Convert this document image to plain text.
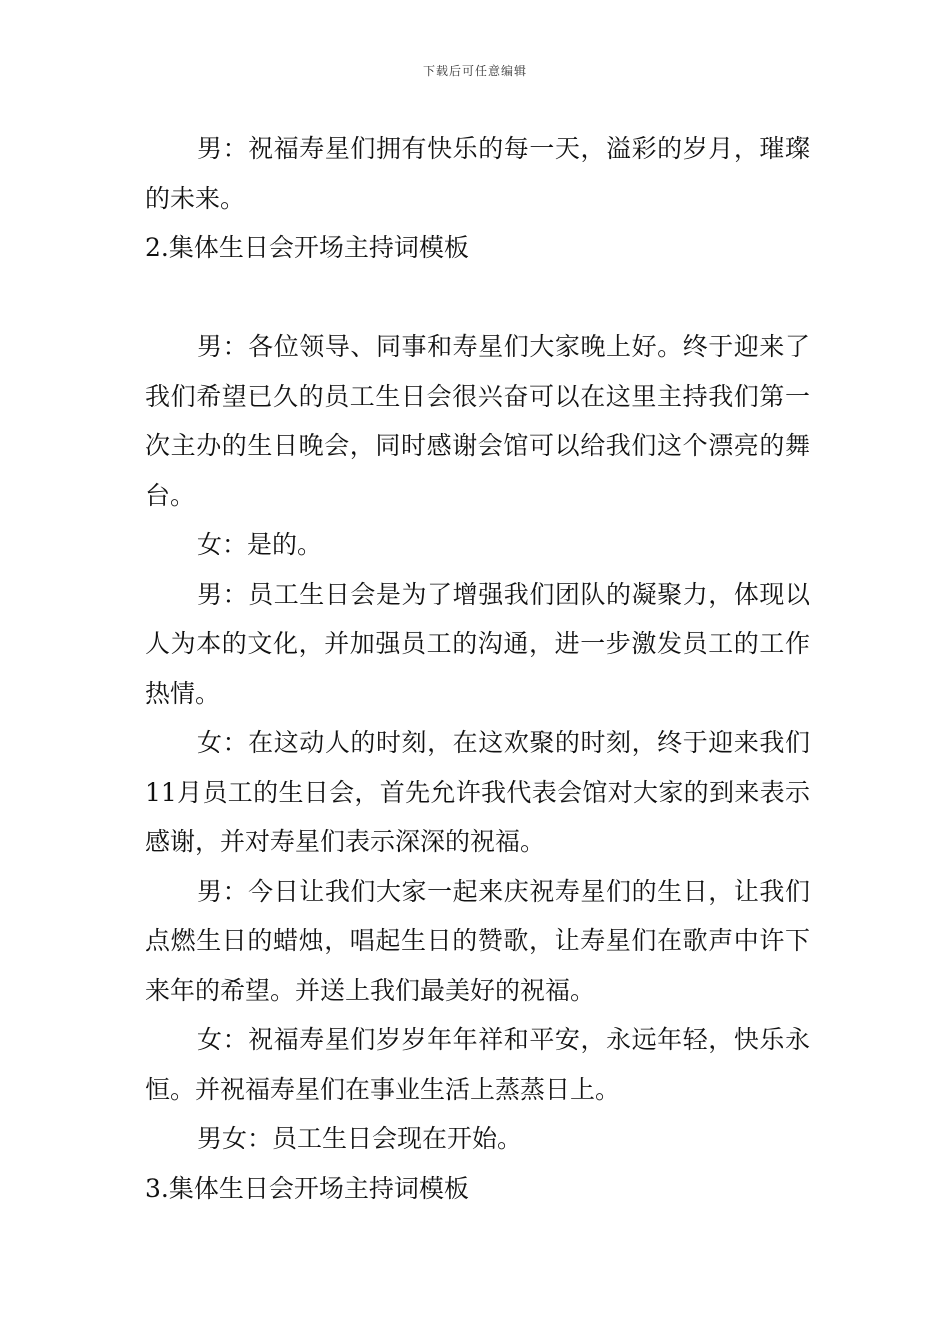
下载后可任意编辑

男：祝福寿星们拥有快乐的每一天，溢彩的岁月，璀璨的未来。

2.集体生日会开场主持词模板

男：各位领导、同事和寿星们大家晚上好。终于迎来了我们希望已久的员工生日会很兴奋可以在这里主持我们第一次主办的生日晚会，同时感谢会馆可以给我们这个漂亮的舞台。

女：是的。

男：员工生日会是为了增强我们团队的凝聚力，体现以人为本的文化，并加强员工的沟通，进一步激发员工的工作热情。

女：在这动人的时刻，在这欢聚的时刻，终于迎来我们11月员工的生日会，首先允许我代表会馆对大家的到来表示感谢，并对寿星们表示深深的祝福。

男：今日让我们大家一起来庆祝寿星们的生日，让我们点燃生日的蜡烛，唱起生日的赞歌，让寿星们在歌声中许下来年的希望。并送上我们最美好的祝福。

女：祝福寿星们岁岁年年祥和平安，永远年轻，快乐永恒。并祝福寿星们在事业生活上蒸蒸日上。

男女：员工生日会现在开始。

3.集体生日会开场主持词模板
